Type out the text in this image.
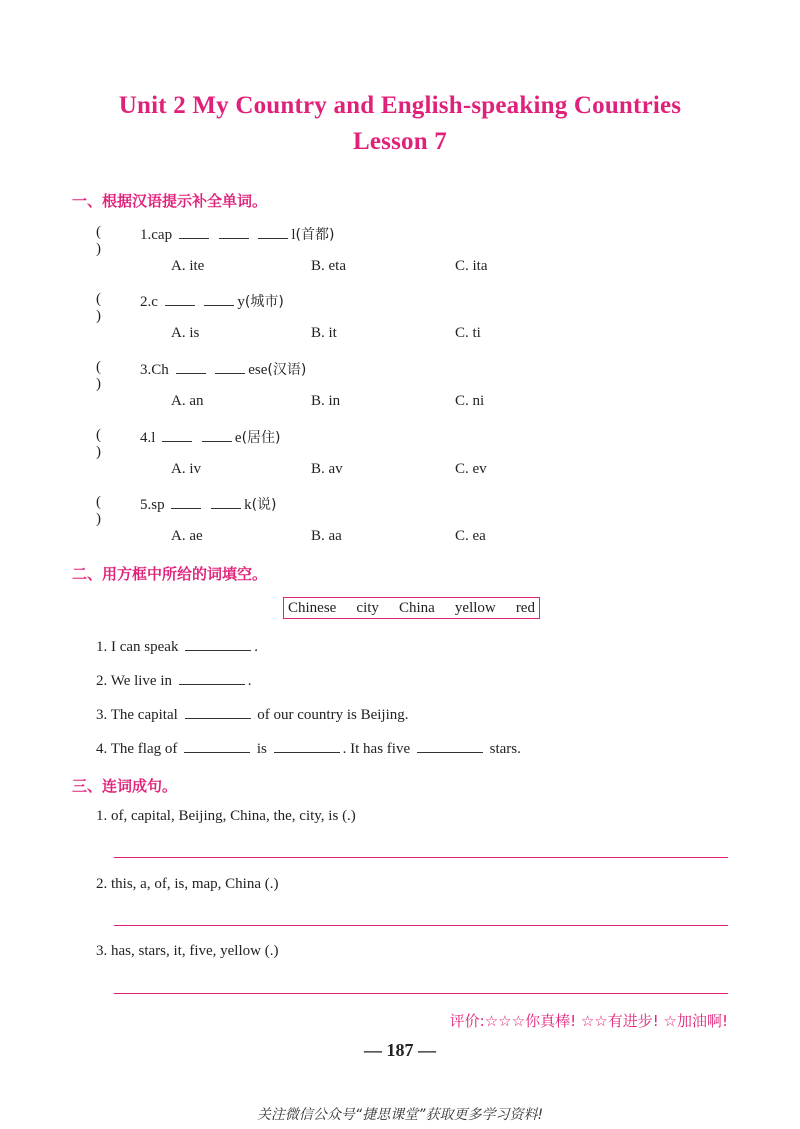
Unit 2 My Country and English-speaking Countries
Lesson 7
一、根据汉语提示补全单词。
( )
1.cap	l(首都)
A. ite	B. eta	C. ita
( )
2.c	y(城市)
A. is	B. it	C. ti
( )
3.Ch	ese(汉语)
A. an	B. in	C. ni
( )
4.l	e(居住)
A. iv	B. av	C. ev
( )
5.sp	k(说)
A. ae	B. aa	C. ea
二、用方框中所给的词填空。
Chinese city China yellow red
1. I can speak	.
2. We live in	.
3. The capital	of our country is Beijing.
4. The flag of	is	. It has five	stars.
三、连词成句。
1. of, capital, Beijing, China, the, city, is (.)
2. this, a, of, is, map, China (.)
3. has, stars, it, five, yellow (.)
评价:☆☆☆你真棒! ☆☆有进步! ☆加油啊!
— 187 —
关注微信公众号“捷思课堂”获取更多学习资料!
